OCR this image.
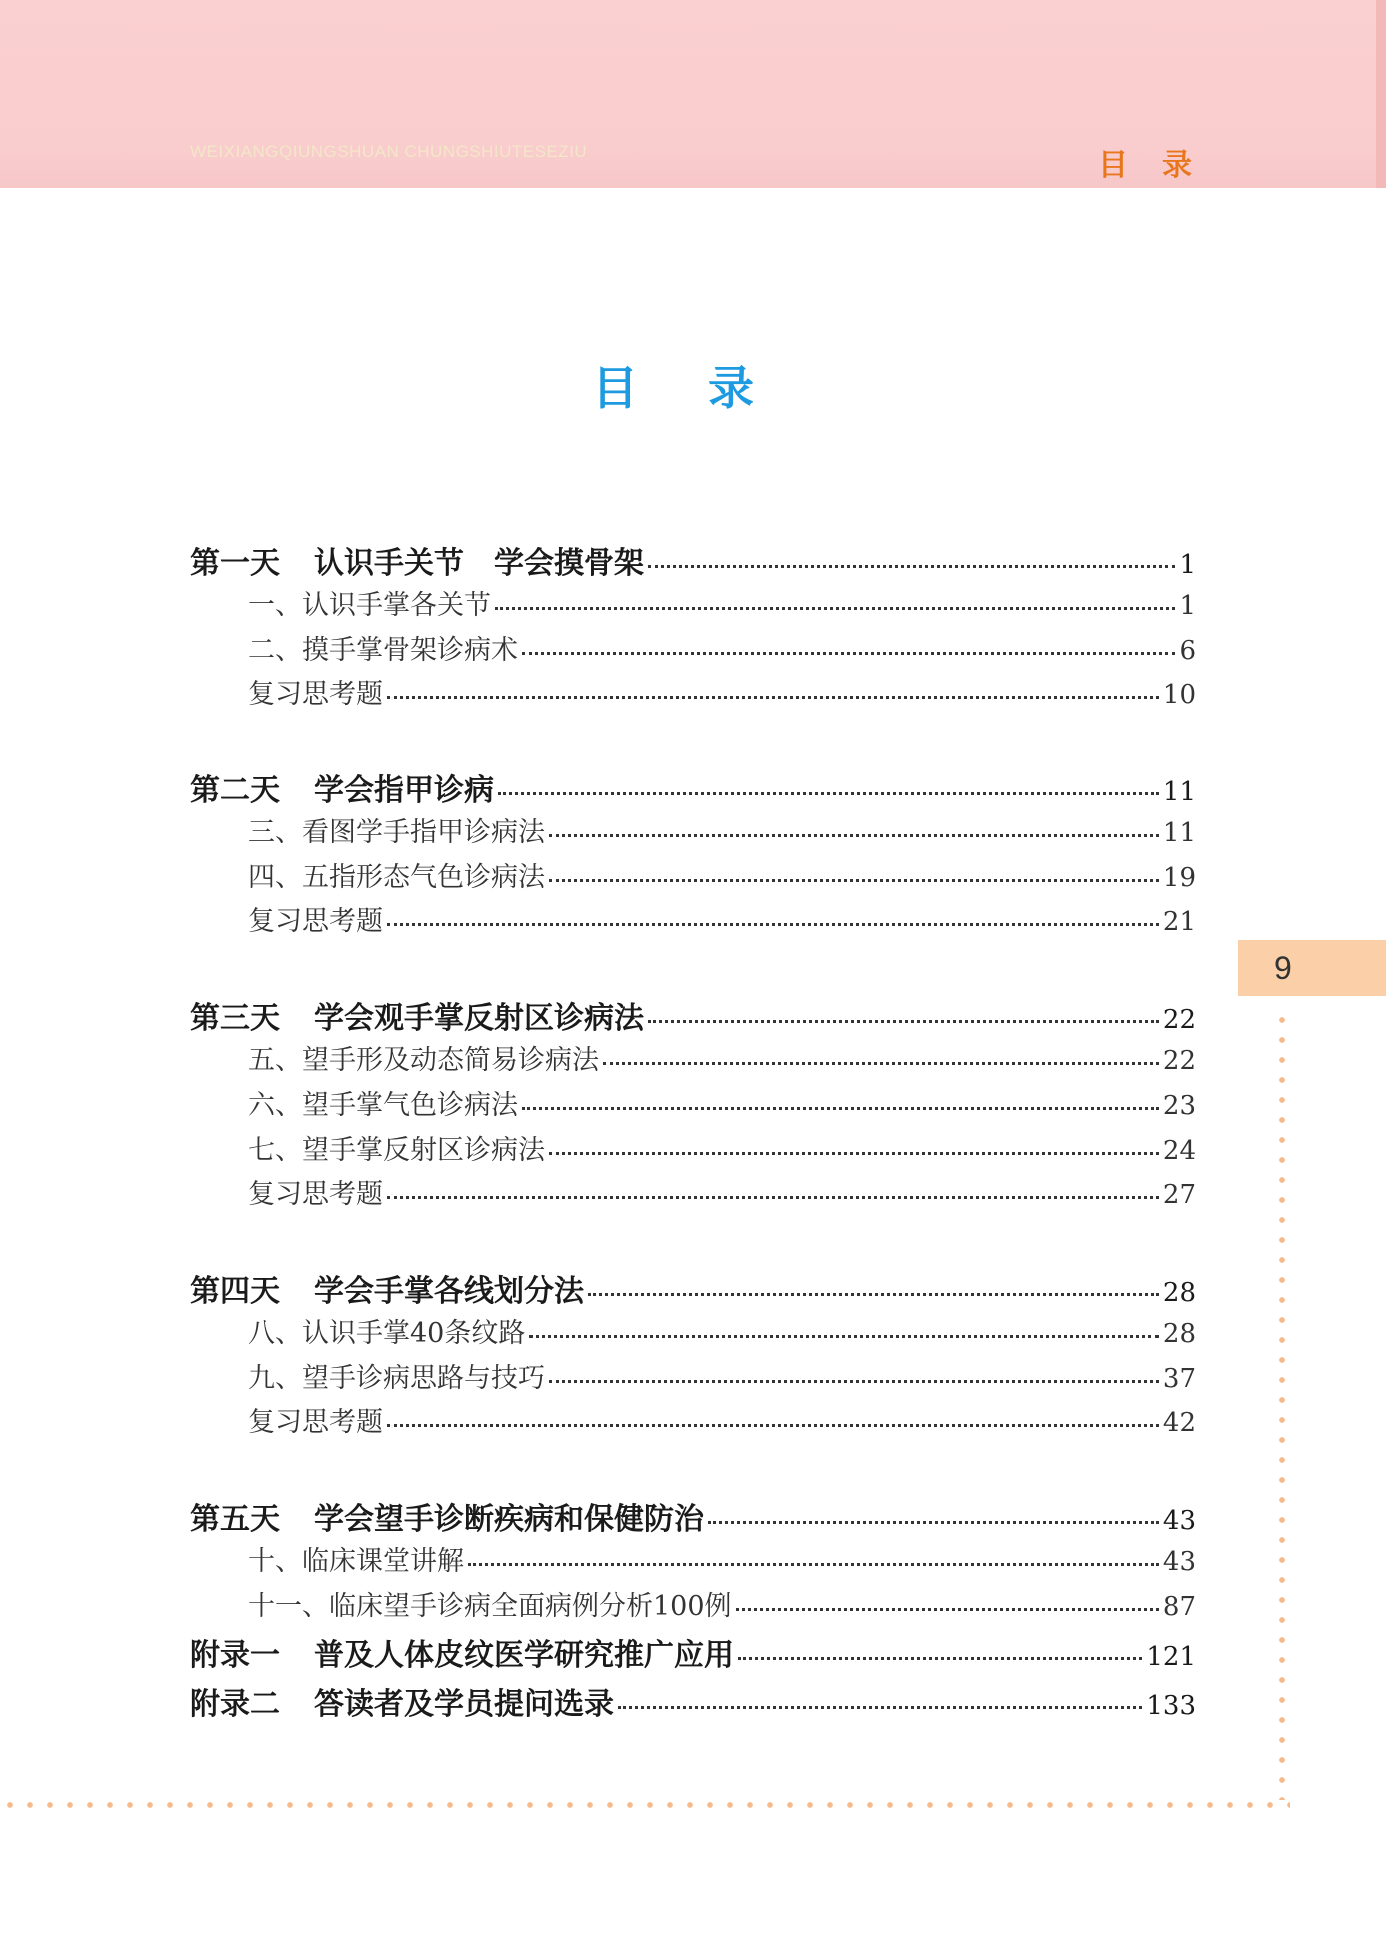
WEIXIANGQIUNGSHUAN CHUNGSHIUTESEZIU	目录
目录
第一天 认识手关节　学会摸骨架	1
一、认识手掌各关节	1
二、摸手掌骨架诊病术	6
复习思考题	10
第二天 学会指甲诊病	11
三、看图学手指甲诊病法	11
四、五指形态气色诊病法	19
复习思考题	21
第三天 学会观手掌反射区诊病法	22
五、望手形及动态简易诊病法	22
六、望手掌气色诊病法	23
七、望手掌反射区诊病法	24
复习思考题	27
第四天 学会手掌各线划分法	28
八、认识手掌40条纹路	28
九、望手诊病思路与技巧	37
复习思考题	42
第五天 学会望手诊断疾病和保健防治	43
十、临床课堂讲解	43
十一、临床望手诊病全面病例分析100例	87
附录一 普及人体皮纹医学研究推广应用	121
附录二 答读者及学员提问选录	133
9
